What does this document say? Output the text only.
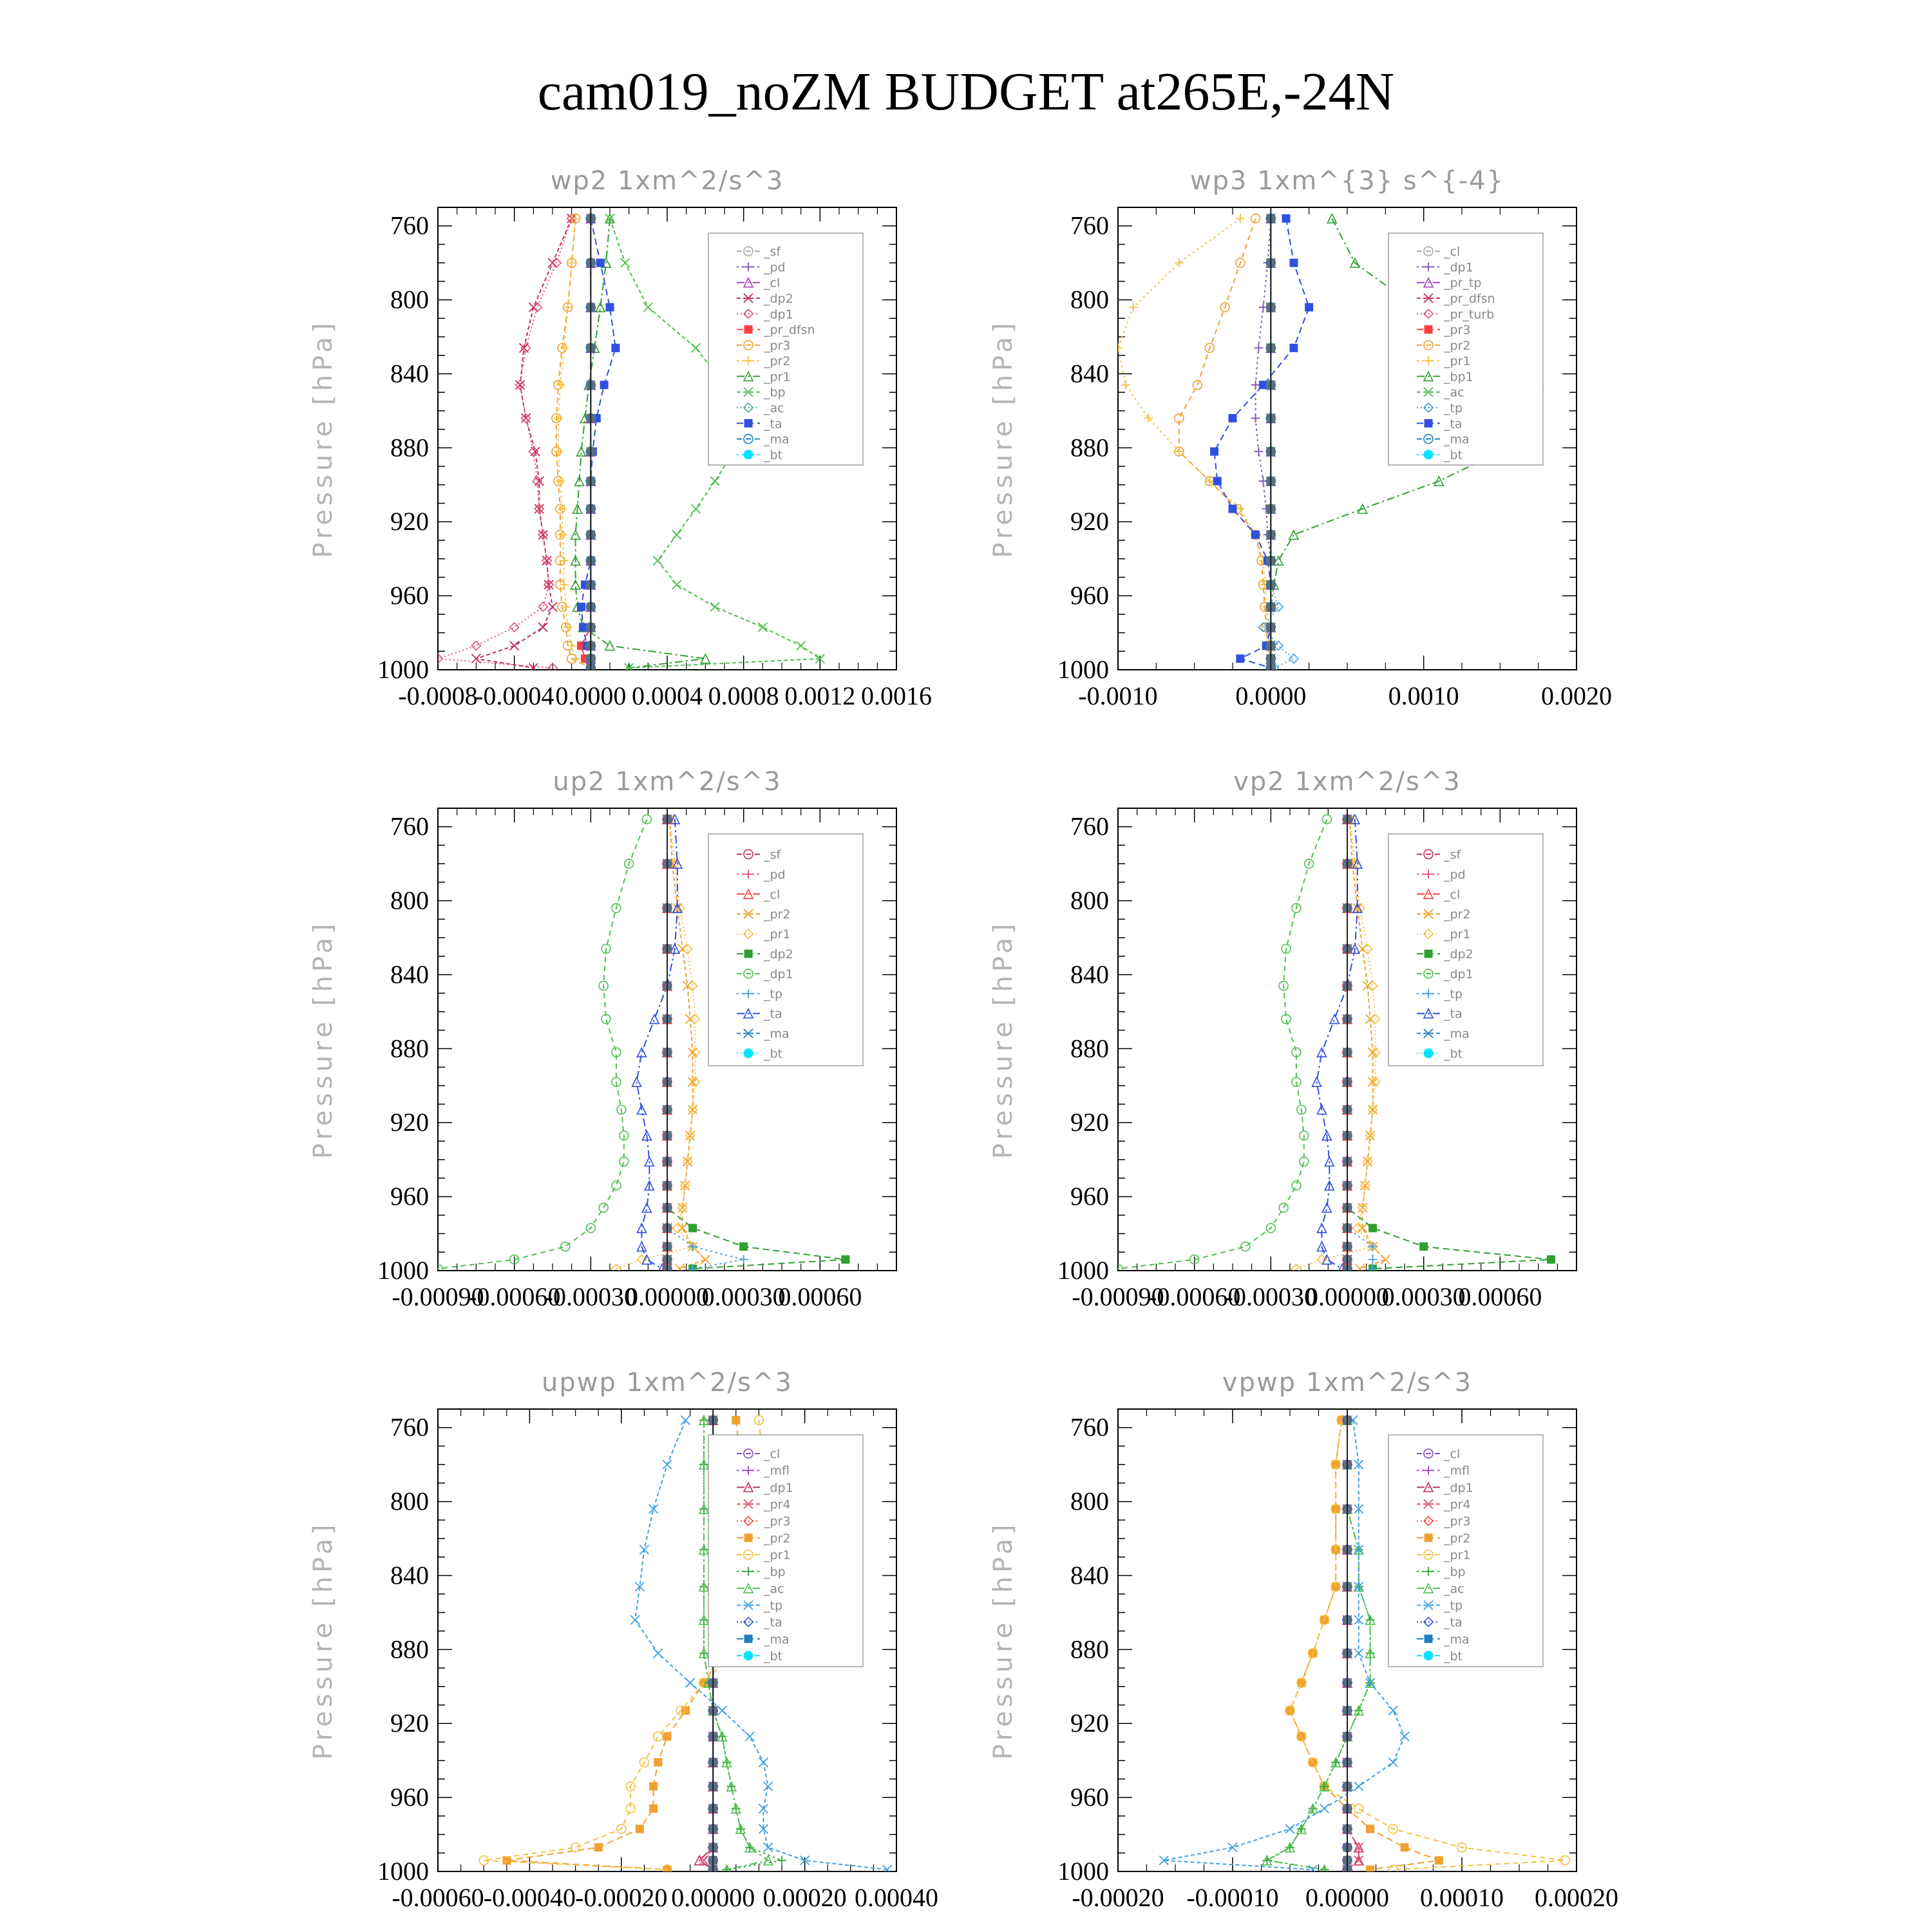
cam019_noZM BUDGET at265E,-24N
wp2 1xm^2/s^3
Pressure [hPa]
760
800
840
880
920
960
1000
-0.0008
-0.0004 0.0000 0.0004 0.0008 0.0012 0.0016
_sf
_pd
_cl
_dp2
_dp1
_pr_dfsn
_pr3
_pr2
_pr1
_bp
_ac
_ta
_ma
_bt
wp3 1xm^{3} s^{-4}
Pressure [hPa]
760
800
840
880
920
960
1000
-0.0010	0.0000	0.0010	0.0020
_cl
_dp1
_pr_tp
_pr_dfsn
_pr_turb
_pr3
_pr2
_pr1
_bp1
_ac
_tp
_ta
_ma
_bt
up2 1xm^2/s^3
Pressure [hPa]
760
800
840
880
920
960
1000
-0.00090
-0.00060
-0.00030
0.00000
0.00030
0.00060
_sf
_pd
_cl
_pr2
_pr1
_dp2
_dp1
_tp
_ta
_ma
_bt
vp2 1xm^2/s^3
Pressure [hPa]
760
800
840
880
920
960
1000
-0.00090
-0.00060
-0.00030
0.00000
0.00030
0.00060
_sf
_pd
_cl
_pr2
_pr1
_dp2
_dp1
_tp
_ta
_ma
_bt
upwp 1xm^2/s^3
Pressure [hPa]
760
800
840
880
920
960
1000
-0.00060 -0.00040 -0.00020 0.00000 0.00020 0.00040
_cl
_mfl
_dp1
_pr4
_pr3
_pr2
_pr1
_bp
_ac
_tp
_ta
_ma
_bt
vpwp 1xm^2/s^3
Pressure [hPa]
760
800
840
880
920
960
1000
-0.00020 -0.00010 0.00000 0.00010 0.00020
_cl
_mfl
_dp1
_pr4
_pr3
_pr2
_pr1
_bp
_ac
_tp
_ta
_ma
_bt
